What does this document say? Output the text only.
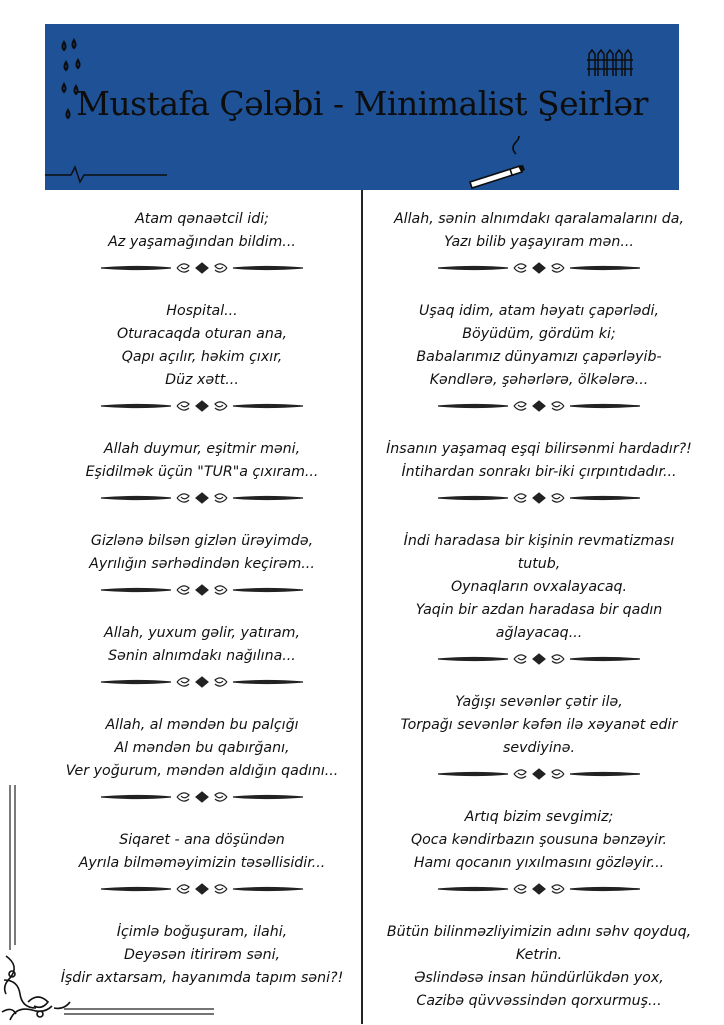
Mustafa Çələbi - Minimalist Şeirlər
Atam qənaətcil idi;
Az yaşamağından bildim...
Hospital...
Oturacaqda oturan ana,
Qapı açılır, həkim çıxır,
Düz xətt...
Allah duymur, eşitmir məni,
Eşidilmək üçün "TUR"a çıxıram...
Gizlənə bilsən gizlən ürəyimdə,
Ayrılığın sərhədindən keçirəm...
Allah, yuxum gəlir, yatıram,
Sənin alnımdakı nağılına...
Allah, al məndən bu palçığı
Al məndən bu qabırğanı,
Ver yoğurum, məndən aldığın qadını...
Siqaret - ana döşündən
Ayrıla bilməməyimizin təsəllisidir...
İçimlə boğuşuram, ilahi,
Deyəsən itirirəm səni,
İşdir axtarsam, hayanımda tapım səni?!
Allah, sənin alnımdakı qaralamalarını da,
Yazı bilib yaşayıram mən...
Uşaq idim, atam həyatı çapərlədi,
Böyüdüm, gördüm ki;
Babalarımız dünyamızı çapərləyib-
Kəndlərə, şəhərlərə, ölkələrə...
İnsanın yaşamaq eşqi bilirsənmi hardadır?!
İntihardan sonrakı bir-iki çırpıntıdadır...
İndi haradasa bir kişinin revmatizması
tutub,
Oynaqların ovxalayacaq.
Yaqin bir azdan haradasa bir qadın
ağlayacaq...
Yağışı sevənlər çətir ilə,
Torpağı sevənlər kəfən ilə xəyanət edir
sevdiyinə.
Artıq bizim sevgimiz;
Qoca kəndirbazın şousuna bənzəyir.
Hamı qocanın yıxılmasını gözləyir...
Bütün bilinməzliyimizin adını səhv qoyduq,
Ketrin.
Əslindəsə insan hündürlükdən yox,
Cazibə qüvvəssindən qorxurmuş...
